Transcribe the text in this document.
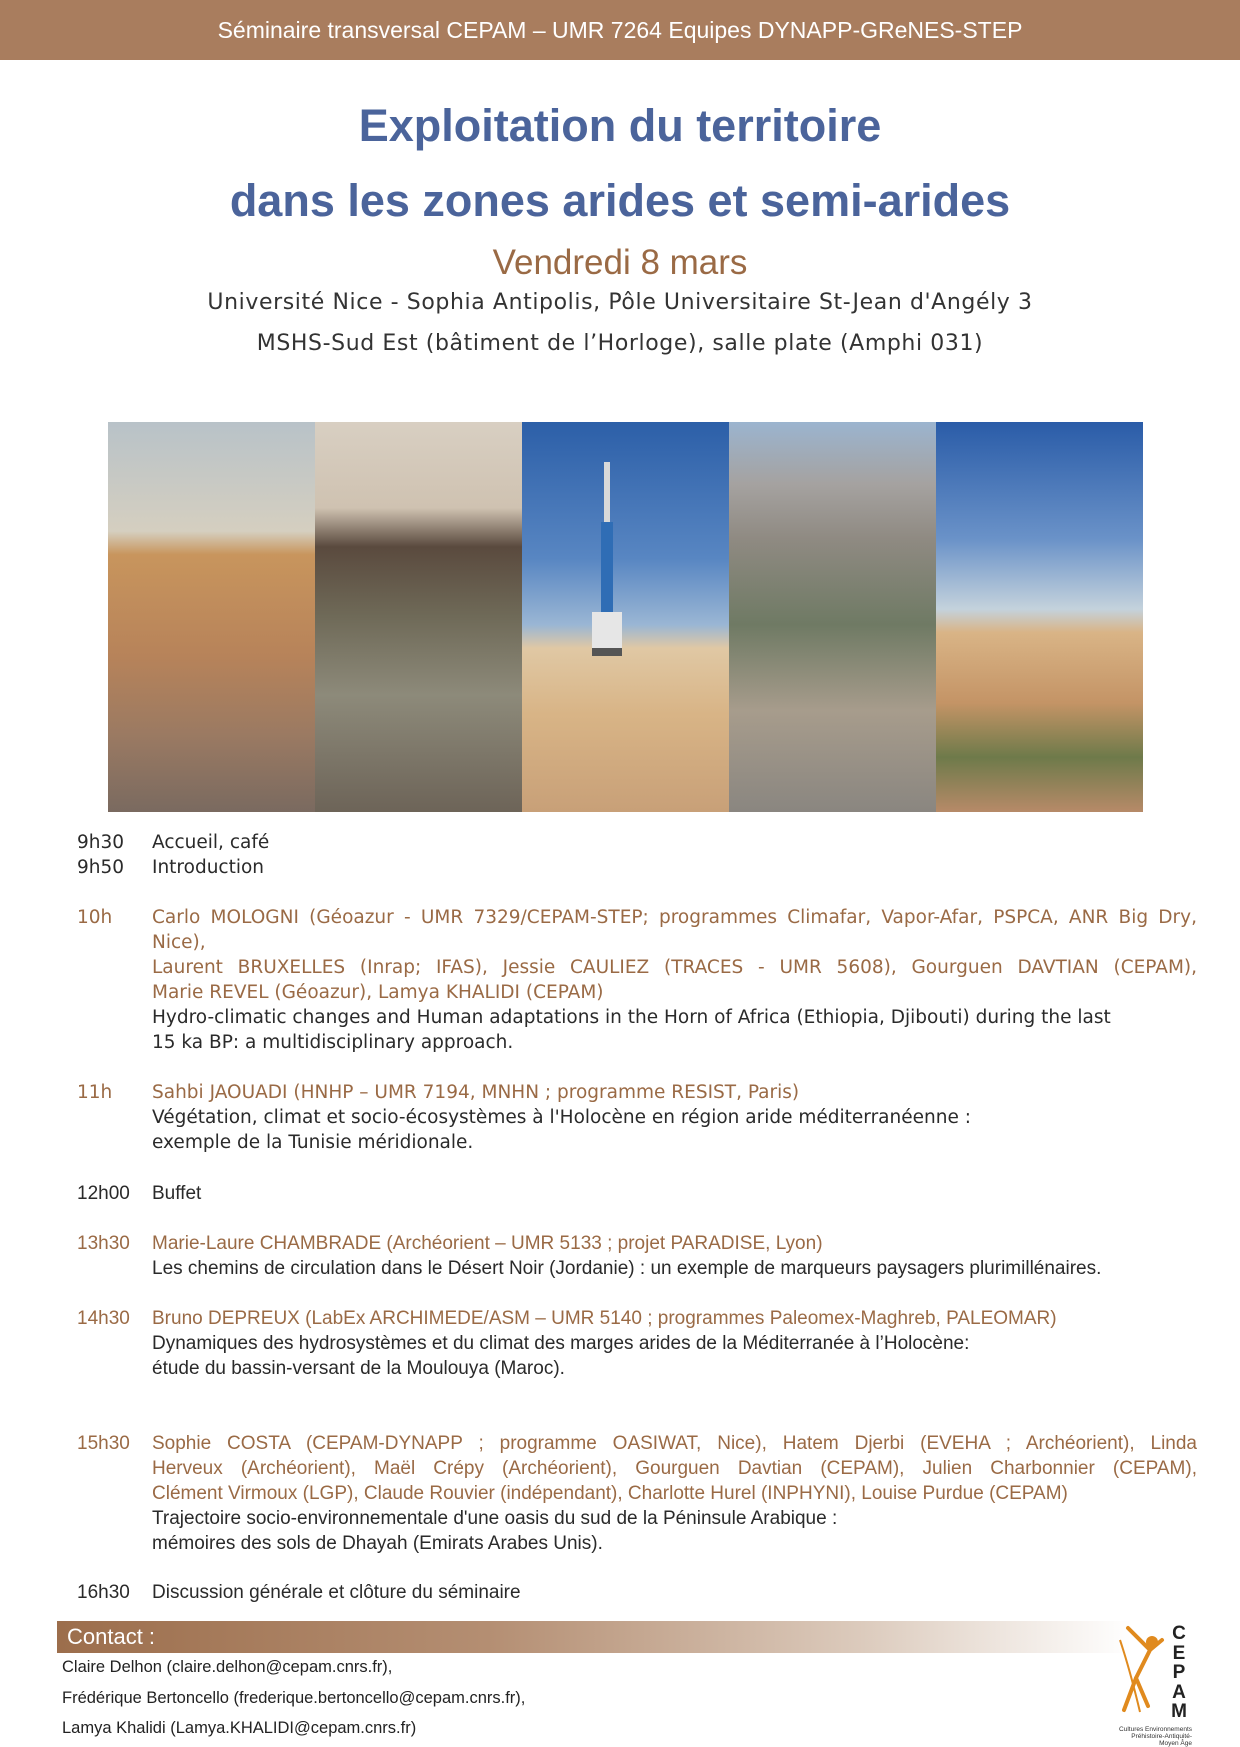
Séminaire transversal CEPAM – UMR 7264 Equipes DYNAPP-GReNES-STEP
Exploitation du territoire
dans les zones arides et semi-arides
Vendredi 8 mars
Université Nice - Sophia Antipolis, Pôle Universitaire St-Jean d'Angély 3
MSHS-Sud Est (bâtiment de l’Horloge), salle plate (Amphi 031)
9h30	Accueil, café
9h50	Introduction
10h	Carlo MOLOGNI (Géoazur - UMR 7329/CEPAM-STEP; programmes Climafar, Vapor-Afar, PSPCA, ANR Big Dry, Nice),
Laurent BRUXELLES (Inrap; IFAS), Jessie CAULIEZ (TRACES - UMR 5608), Gourguen DAVTIAN (CEPAM),
Marie REVEL (Géoazur), Lamya KHALIDI (CEPAM)
Hydro-climatic changes and Human adaptations in the Horn of Africa (Ethiopia, Djibouti) during the last
15 ka BP: a multidisciplinary approach.
11h	Sahbi JAOUADI (HNHP – UMR 7194, MNHN ; programme RESIST, Paris)
Végétation, climat et socio-écosystèmes à l'Holocène en région aride méditerranéenne :
exemple de la Tunisie méridionale.
12h00	Buffet
13h30	Marie-Laure CHAMBRADE (Archéorient – UMR 5133 ; projet PARADISE, Lyon)
Les chemins de circulation dans le Désert Noir (Jordanie) : un exemple de marqueurs paysagers plurimillénaires.
14h30	Bruno DEPREUX (LabEx ARCHIMEDE/ASM – UMR 5140 ; programmes Paleomex-Maghreb, PALEOMAR)
Dynamiques des hydrosystèmes et du climat des marges arides de la Méditerranée à l’Holocène:
étude du bassin-versant de la Moulouya (Maroc).
15h30	Sophie COSTA (CEPAM-DYNAPP ; programme OASIWAT, Nice), Hatem Djerbi (EVEHA ; Archéorient), Linda
Herveux (Archéorient), Maël Crépy (Archéorient), Gourguen Davtian (CEPAM), Julien Charbonnier (CEPAM),
Clément Virmoux (LGP), Claude Rouvier (indépendant), Charlotte Hurel (INPHYNI), Louise Purdue (CEPAM)
Trajectoire socio-environnementale d'une oasis du sud de la Péninsule Arabique :
mémoires des sols de Dhayah (Emirats Arabes Unis).
16h30	Discussion générale et clôture du séminaire
Contact :
Claire Delhon (claire.delhon@cepam.cnrs.fr),
Frédérique Bertoncello (frederique.bertoncello@cepam.cnrs.fr),
Lamya Khalidi (Lamya.KHALIDI@cepam.cnrs.fr)
C
E
P
A
M
Cultures Environnements
Préhistoire-Antiquité-Moyen Âge
